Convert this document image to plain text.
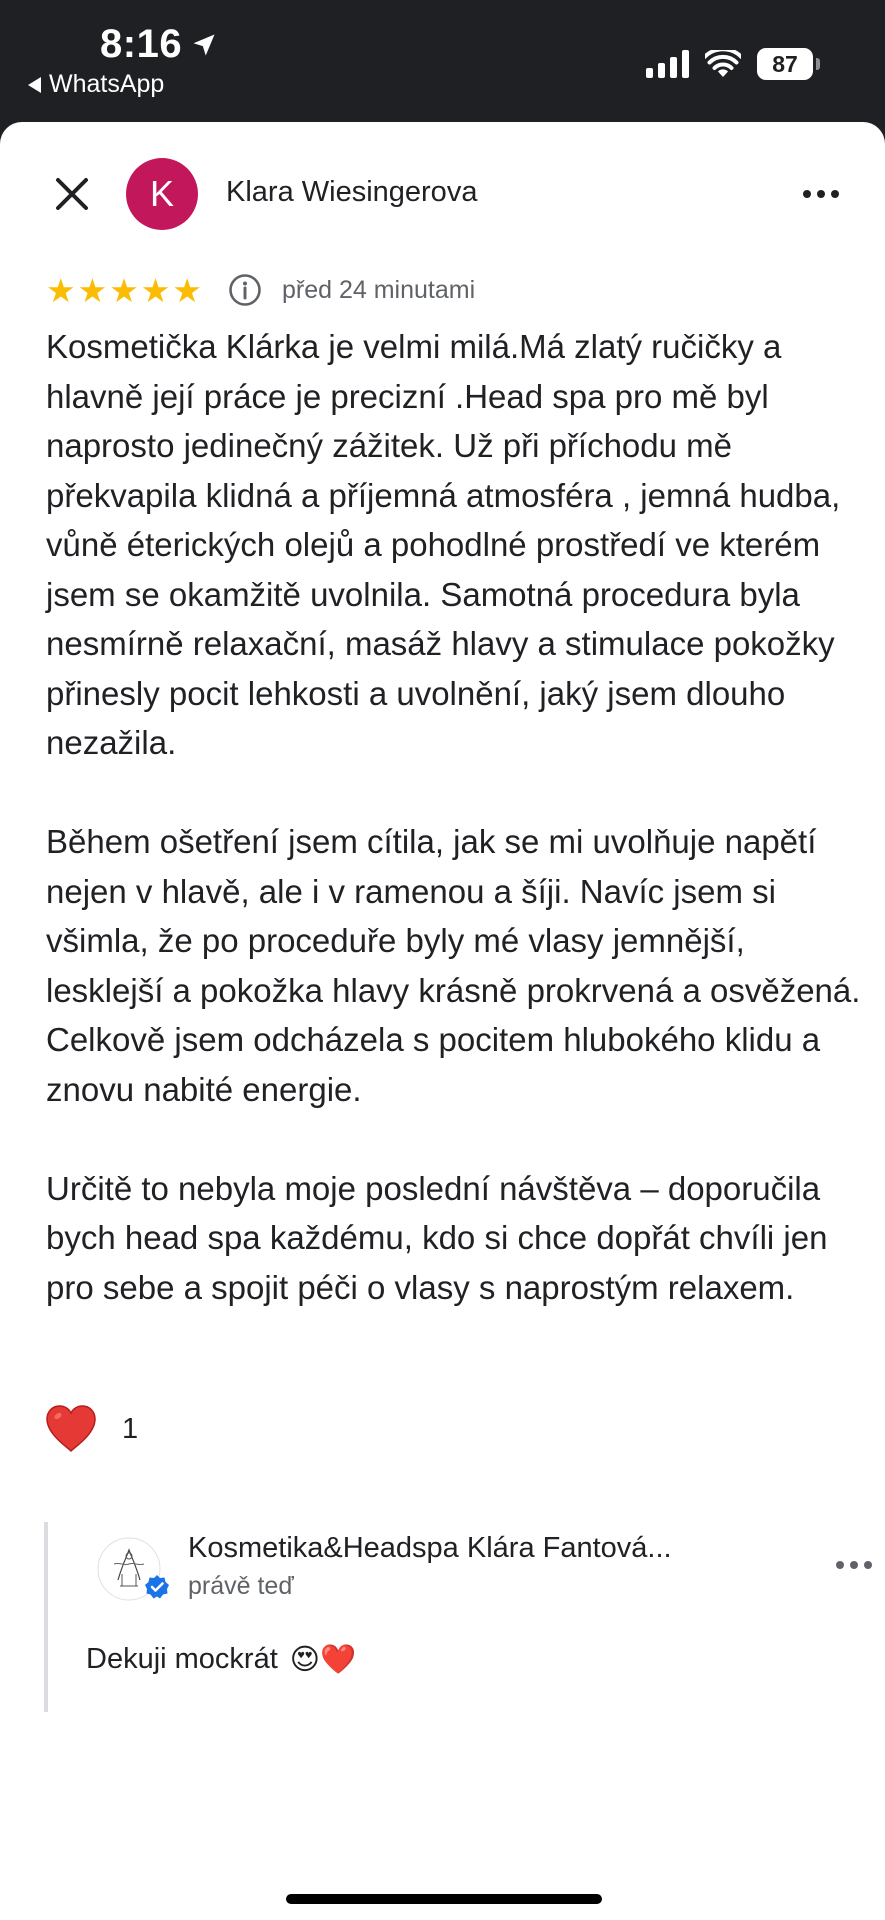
8:16
WhatsApp
87
K Klara Wiesingerova
★ ★ ★ ★ ★	před 24 minutami

Kosmetička Klárka je velmi milá.Má zlatý ručičky a hlavně její práce je precizní .Head spa pro mě byl naprosto jedinečný zážitek. Už při příchodu mě překvapila klidná a příjemná atmosféra , jemná hudba, vůně éterických olejů a pohodlné prostředí ve kterém jsem se okamžitě uvolnila. Samotná procedura byla nesmírně relaxační, masáž hlavy a stimulace pokožky přinesly pocit lehkosti a uvolnění, jaký jsem dlouho nezažila.

Během ošetření jsem cítila, jak se mi uvolňuje napětí nejen v hlavě, ale i v ramenou a šíji. Navíc jsem si všimla, že po proceduře byly mé vlasy jemnější, lesklejší a pokožka hlavy krásně prokrvená a osvěžená. Celkově jsem odcházela s pocitem hlubokého klidu a znovu nabité energie.

Určitě to nebyla moje poslední návštěva – doporučila bych head spa každému, kdo si chce dopřát chvíli jen pro sebe a spojit péči o vlasy s naprostým relaxem.

1
Kosmetika&Headspa Klára Fantová...
právě teď
Dekuji mockrát 😍❤️
